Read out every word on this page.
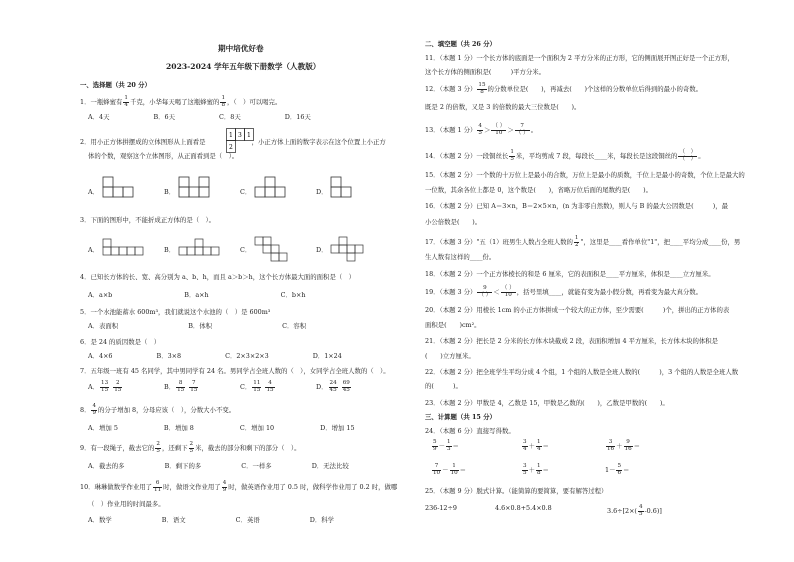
期中培优好卷
2023-2024 学年五年级下册数学（人教版）
一、选择题（共 20 分）
1．一瓶蜂蜜有 $\frac{1}{4}$ 千克，小华每天喝了这瓶蜂蜜的 $\frac{1}{8}$ ，（　）可以喝完。
A．4天	B．6天	C．8天	D．16天
2．用小正方体拼摆成的立体图形从上面看是	，小正方体上面的数字表示在这个位置上小正方
1 3 1
2
体的个数，观察这个立体图形，从正面看到是（　）。
A．	B．	C．	D．
3．下面的图形中，不能折成正方体的是（　）。
A．	B．	C．	D．
4．已知长方体的长、宽、高分别为 a、b、h，而且 a＞b＞h，这个长方体最大面的面积是（　）
A．a×b	B．a×h	C．b×h
5．一个水池能蓄水 600m³，我们就说这个水池的（　）是 600m³
A．表面积	B．体积	C．容积
6．是 24 的质因数是（　）
A．4×6	B．3×8	C．2×3×2×3	D．1×24
7．五年级一班有 45 名同学，其中男同学有 24 名。男同学占全班人数的（　），女同学占全班人数的（　）。
A． $\frac{13}{15}$
$\frac{2}{15}$	B． $\frac{8}{15}$
$\frac{7}{15}$	C． $\frac{11}{15}$
$\frac{4}{15}$	D． $\frac{24}{45}$
$\frac{69}{45}$
8． $\frac{4}{9}$ 的分子增加 8，分母应该（　），分数大小不变。
A．增加 5	B．增加 8	C．增加 10	D．增加 15
9．有一段绳子，截去它的 $\frac{2}{5}$ ，还剩下 $\frac{2}{5}$ 米，截去的部分和剩下的部分（　）。
A．截去的多	B．剩下的多	C．一样多	D．无法比较
10．琳琳做数学作业用了 $\frac{6}{11}$ 时，做语文作业用了 $\frac{4}{9}$ 时，做英语作业用了 0.5 时，做科学作业用了 0.2 时，做哪
（　）作业用的时间最多。
A．数学	B．语文	C．英语	D．科学
二、填空题（共 26 分）
11．（本题 1 分）一个长方体的底面是一个面积为 2 平方分米的正方形，它的侧面展开图正好是一个正方形，
这个长方体的侧面积是(　　　)平方分米。
12．（本题 3 分） $\frac{15}{8}$ 的分数单位是(　　)，再减去(　　)个这样的分数单位后得到的最小的奇数。
既是 2 的倍数，又是 3 的倍数的最大三位数是(　　)。
13．（本题 1 分） $\frac{4}{5} > \frac{( )}{10} > \frac{7}{( )}$ 。
14．（本题 2 分）一段铜丝长 $\frac{1}{5}$ 米，平均剪成 7 段，每段长____米，每段长是这段铜丝的 $\frac{( )}{( )}$ 。
15．（本题 2 分）一个数的十万位上是最小的合数，万位上是最小的质数，千位上是最小的奇数，个位上是最大的
一位数，其余各位上都是 0，这个数是(　　)，省略万位后面的尾数约是(　　)。
16．（本题 2 分）已知 A＝3×n，B＝2×5×n，(n 为非零自然数)，则人与 B 的最大公因数是(　　　)，最
小公倍数是(　　)。
17．（本题 3 分）"五（1）班男生人数占全班人数的 $\frac{1}{2}$ "，这里是____看作单位"1"，把____平均分成____份，男
生人数有这样的____份。
18．（本题 2 分）一个正方体棱长的和是 6 厘米，它的表面积是____平方厘米，体积是____立方厘米。
19．（本题 3 分） $\frac{9}{( )} < \frac{( )}{10}$ ，括号里填____，就能有变为最小假分数，再看变为最大真分数。
20．（本题 2 分）用棱长 1cm 的小正方体拼成一个较大的正方体，至少需要(　　　)个，拼出的正方体的表
面积是(　　)cm²。
21．（本题 2 分）把长是 2 分米的长方体木块截成 2 段，表面积增加 4 平方厘米，长方体木块的体积是
(　　)立方厘米。
22．（本题 2 分）把全班学生平均分成 4 个组，1 个组的人数是全班人数的(　　　)，3 个组的人数是全班人数
的(　　　)。
23．（本题 2 分）甲数是 4，乙数是 15，甲数是乙数的(　　)，乙数是甲数的(　　)。
三、计算题（共 15 分）
24．（本题 6 分）直接写得数。
$\frac{5}{9} - \frac{1}{3}$ ＝	$\frac{3}{4} + \frac{1}{4}$ ＝	$\frac{3}{16} + \frac{9}{16}$ ＝
$\frac{7}{10} - \frac{1}{10}$ ＝	$\frac{3}{5} + \frac{1}{8}$ ＝	$1- \frac{5}{6}$ ＝
25．（本题 9 分）脱式计算。（能简算的要简算，要有解答过程）
236-12÷9	4.6×0.8+5.4×0.8	$3.6\div[2\times( \frac{4}{5} -0.6)]$
